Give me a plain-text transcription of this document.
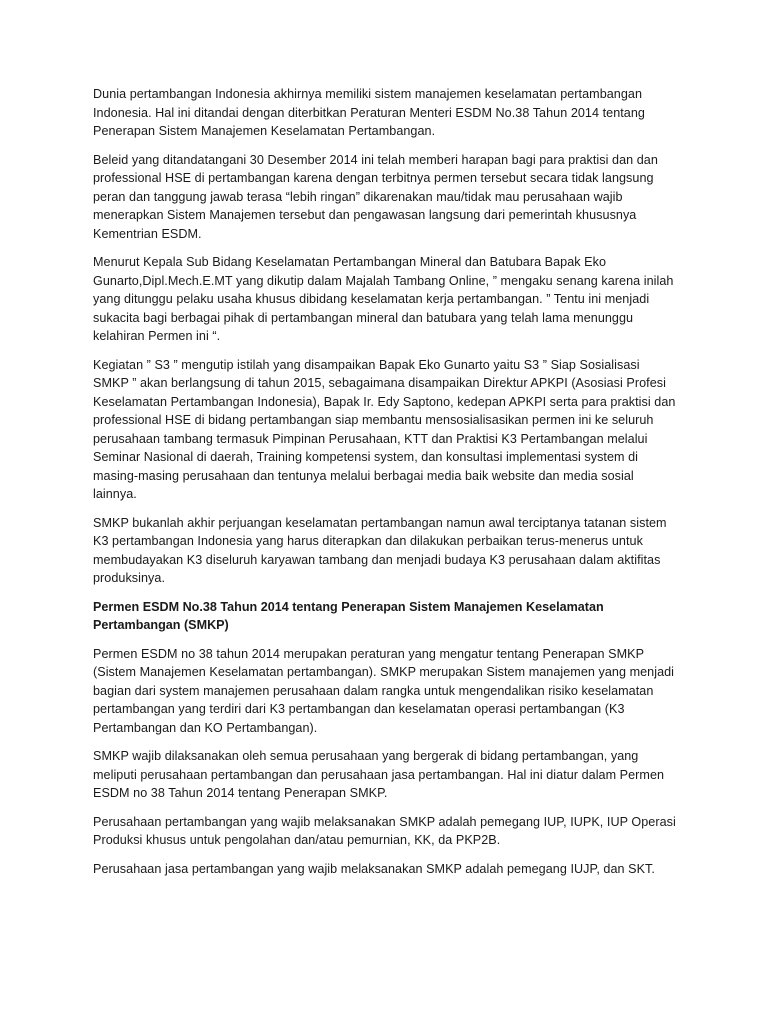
Dunia pertambangan Indonesia akhirnya memiliki sistem manajemen keselamatan pertambangan Indonesia. Hal ini ditandai dengan diterbitkan Peraturan Menteri ESDM No.38 Tahun 2014 tentang Penerapan Sistem Manajemen Keselamatan Pertambangan.

Beleid yang ditandatangani 30 Desember 2014 ini telah memberi harapan bagi para praktisi dan dan professional HSE di pertambangan karena dengan terbitnya permen tersebut secara tidak langsung peran dan tanggung jawab terasa “lebih ringan” dikarenakan mau/tidak mau perusahaan wajib menerapkan Sistem Manajemen tersebut dan pengawasan langsung dari pemerintah khususnya Kementrian ESDM.

Menurut Kepala Sub Bidang Keselamatan Pertambangan Mineral dan Batubara Bapak Eko Gunarto,Dipl.Mech.E.MT yang dikutip dalam Majalah Tambang Online, ” mengaku senang karena inilah yang ditunggu pelaku usaha khusus dibidang keselamatan kerja pertambangan. ” Tentu ini menjadi sukacita bagi berbagai pihak di pertambangan mineral dan batubara yang telah lama menunggu kelahiran Permen ini “.

Kegiatan ” S3 ” mengutip istilah yang disampaikan Bapak Eko Gunarto yaitu S3 ” Siap Sosialisasi SMKP ” akan berlangsung di tahun 2015, sebagaimana disampaikan Direktur APKPI (Asosiasi Profesi Keselamatan Pertambangan Indonesia), Bapak Ir. Edy Saptono, kedepan APKPI serta para praktisi dan professional HSE di bidang pertambangan siap membantu mensosialisasikan permen ini ke seluruh perusahaan tambang termasuk Pimpinan Perusahaan, KTT dan Praktisi K3 Pertambangan melalui Seminar Nasional di daerah, Training kompetensi system, dan konsultasi implementasi system di masing-masing perusahaan dan tentunya melalui berbagai media baik website dan media sosial lainnya.

SMKP bukanlah akhir perjuangan keselamatan pertambangan namun awal terciptanya tatanan sistem K3 pertambangan Indonesia yang harus diterapkan dan dilakukan perbaikan terus-menerus untuk membudayakan K3 diseluruh karyawan tambang dan menjadi budaya K3 perusahaan dalam aktifitas produksinya.

Permen ESDM No.38 Tahun 2014 tentang Penerapan Sistem Manajemen Keselamatan Pertambangan (SMKP)

Permen ESDM no 38 tahun 2014 merupakan peraturan yang mengatur tentang Penerapan SMKP (Sistem Manajemen Keselamatan pertambangan). SMKP merupakan Sistem manajemen yang menjadi bagian dari system manajemen perusahaan dalam rangka untuk mengendalikan risiko keselamatan pertambangan yang terdiri dari K3 pertambangan dan keselamatan operasi pertambangan (K3 Pertambangan dan KO Pertambangan).

SMKP wajib dilaksanakan oleh semua perusahaan yang bergerak di bidang pertambangan, yang meliputi perusahaan pertambangan dan perusahaan jasa pertambangan. Hal ini diatur dalam Permen ESDM no 38 Tahun 2014 tentang Penerapan SMKP.

Perusahaan pertambangan yang wajib melaksanakan SMKP adalah pemegang IUP, IUPK, IUP Operasi Produksi khusus untuk pengolahan dan/atau pemurnian, KK, da PKP2B.

Perusahaan jasa pertambangan yang wajib melaksanakan SMKP adalah pemegang IUJP, dan SKT.
